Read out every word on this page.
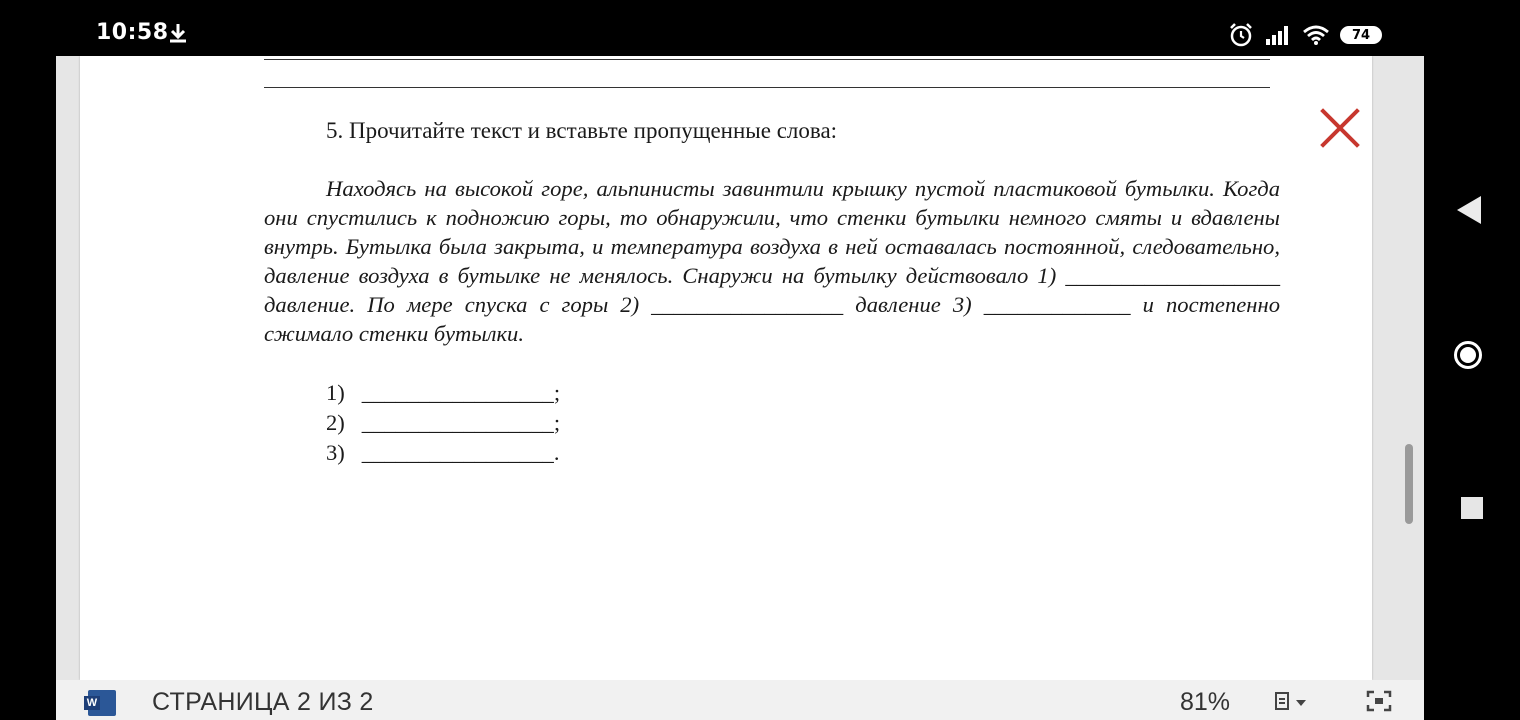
10:58	74
5. Прочитайте текст и вставьте пропущенные слова:

Находясь на высокой горе, альпинисты завинтили крышку пустой пластиковой бутылки. Когда они спустились к подножию горы, то обнаружили, что стенки бутылки немного смяты и вдавлены внутрь. Бутылка была закрыта, и температура воздуха в ней оставалась постоянной, следовательно, давление воздуха в бутылке не менялось. Снаружи на бутылку действовало 1) ___________________ давление. По мере спуска с горы 2) _________________ давление 3) _____________ и постепенно сжимало стенки бутылки.

1)   _________________;
2)   _________________;
3)   _________________.
W СТРАНИЦА 2 ИЗ 2	81%
